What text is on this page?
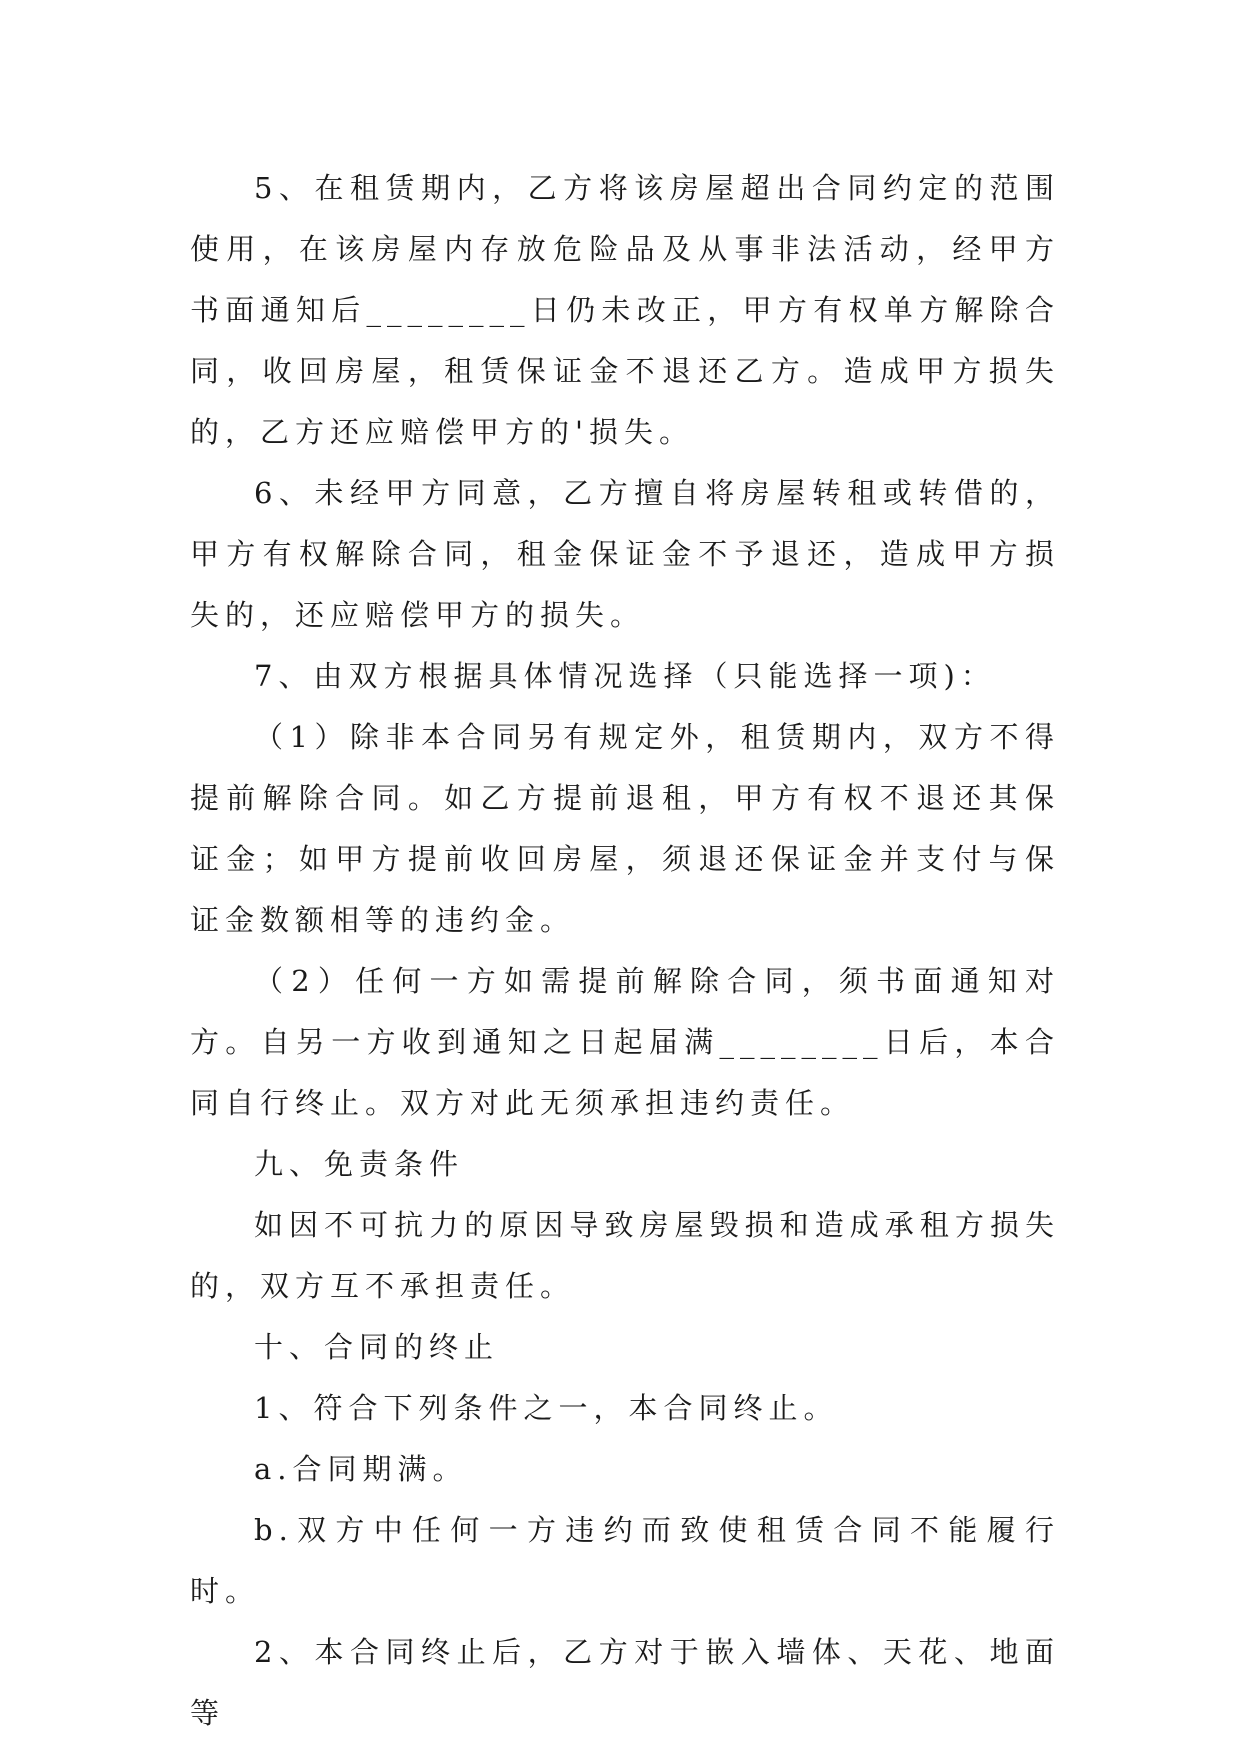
5、在租赁期内，乙方将该房屋超出合同约定的范围使用，在该房屋内存放危险品及从事非法活动，经甲方书面通知后________日仍未改正，甲方有权单方解除合同，收回房屋，租赁保证金不退还乙方。造成甲方损失的，乙方还应赔偿甲方的'损失。

6、未经甲方同意，乙方擅自将房屋转租或转借的，甲方有权解除合同，租金保证金不予退还，造成甲方损失的，还应赔偿甲方的损失。

7、由双方根据具体情况选择（只能选择一项)：

（1）除非本合同另有规定外，租赁期内，双方不得提前解除合同。如乙方提前退租，甲方有权不退还其保证金；如甲方提前收回房屋，须退还保证金并支付与保证金数额相等的违约金。

（2）任何一方如需提前解除合同，须书面通知对方。自另一方收到通知之日起届满________日后，本合同自行终止。双方对此无须承担违约责任。

九、免责条件

如因不可抗力的原因导致房屋毁损和造成承租方损失的，双方互不承担责任。

十、合同的终止

1、符合下列条件之一，本合同终止。

a.合同期满。

b.双方中任何一方违约而致使租赁合同不能履行时。

2、本合同终止后，乙方对于嵌入墙体、天花、地面等
